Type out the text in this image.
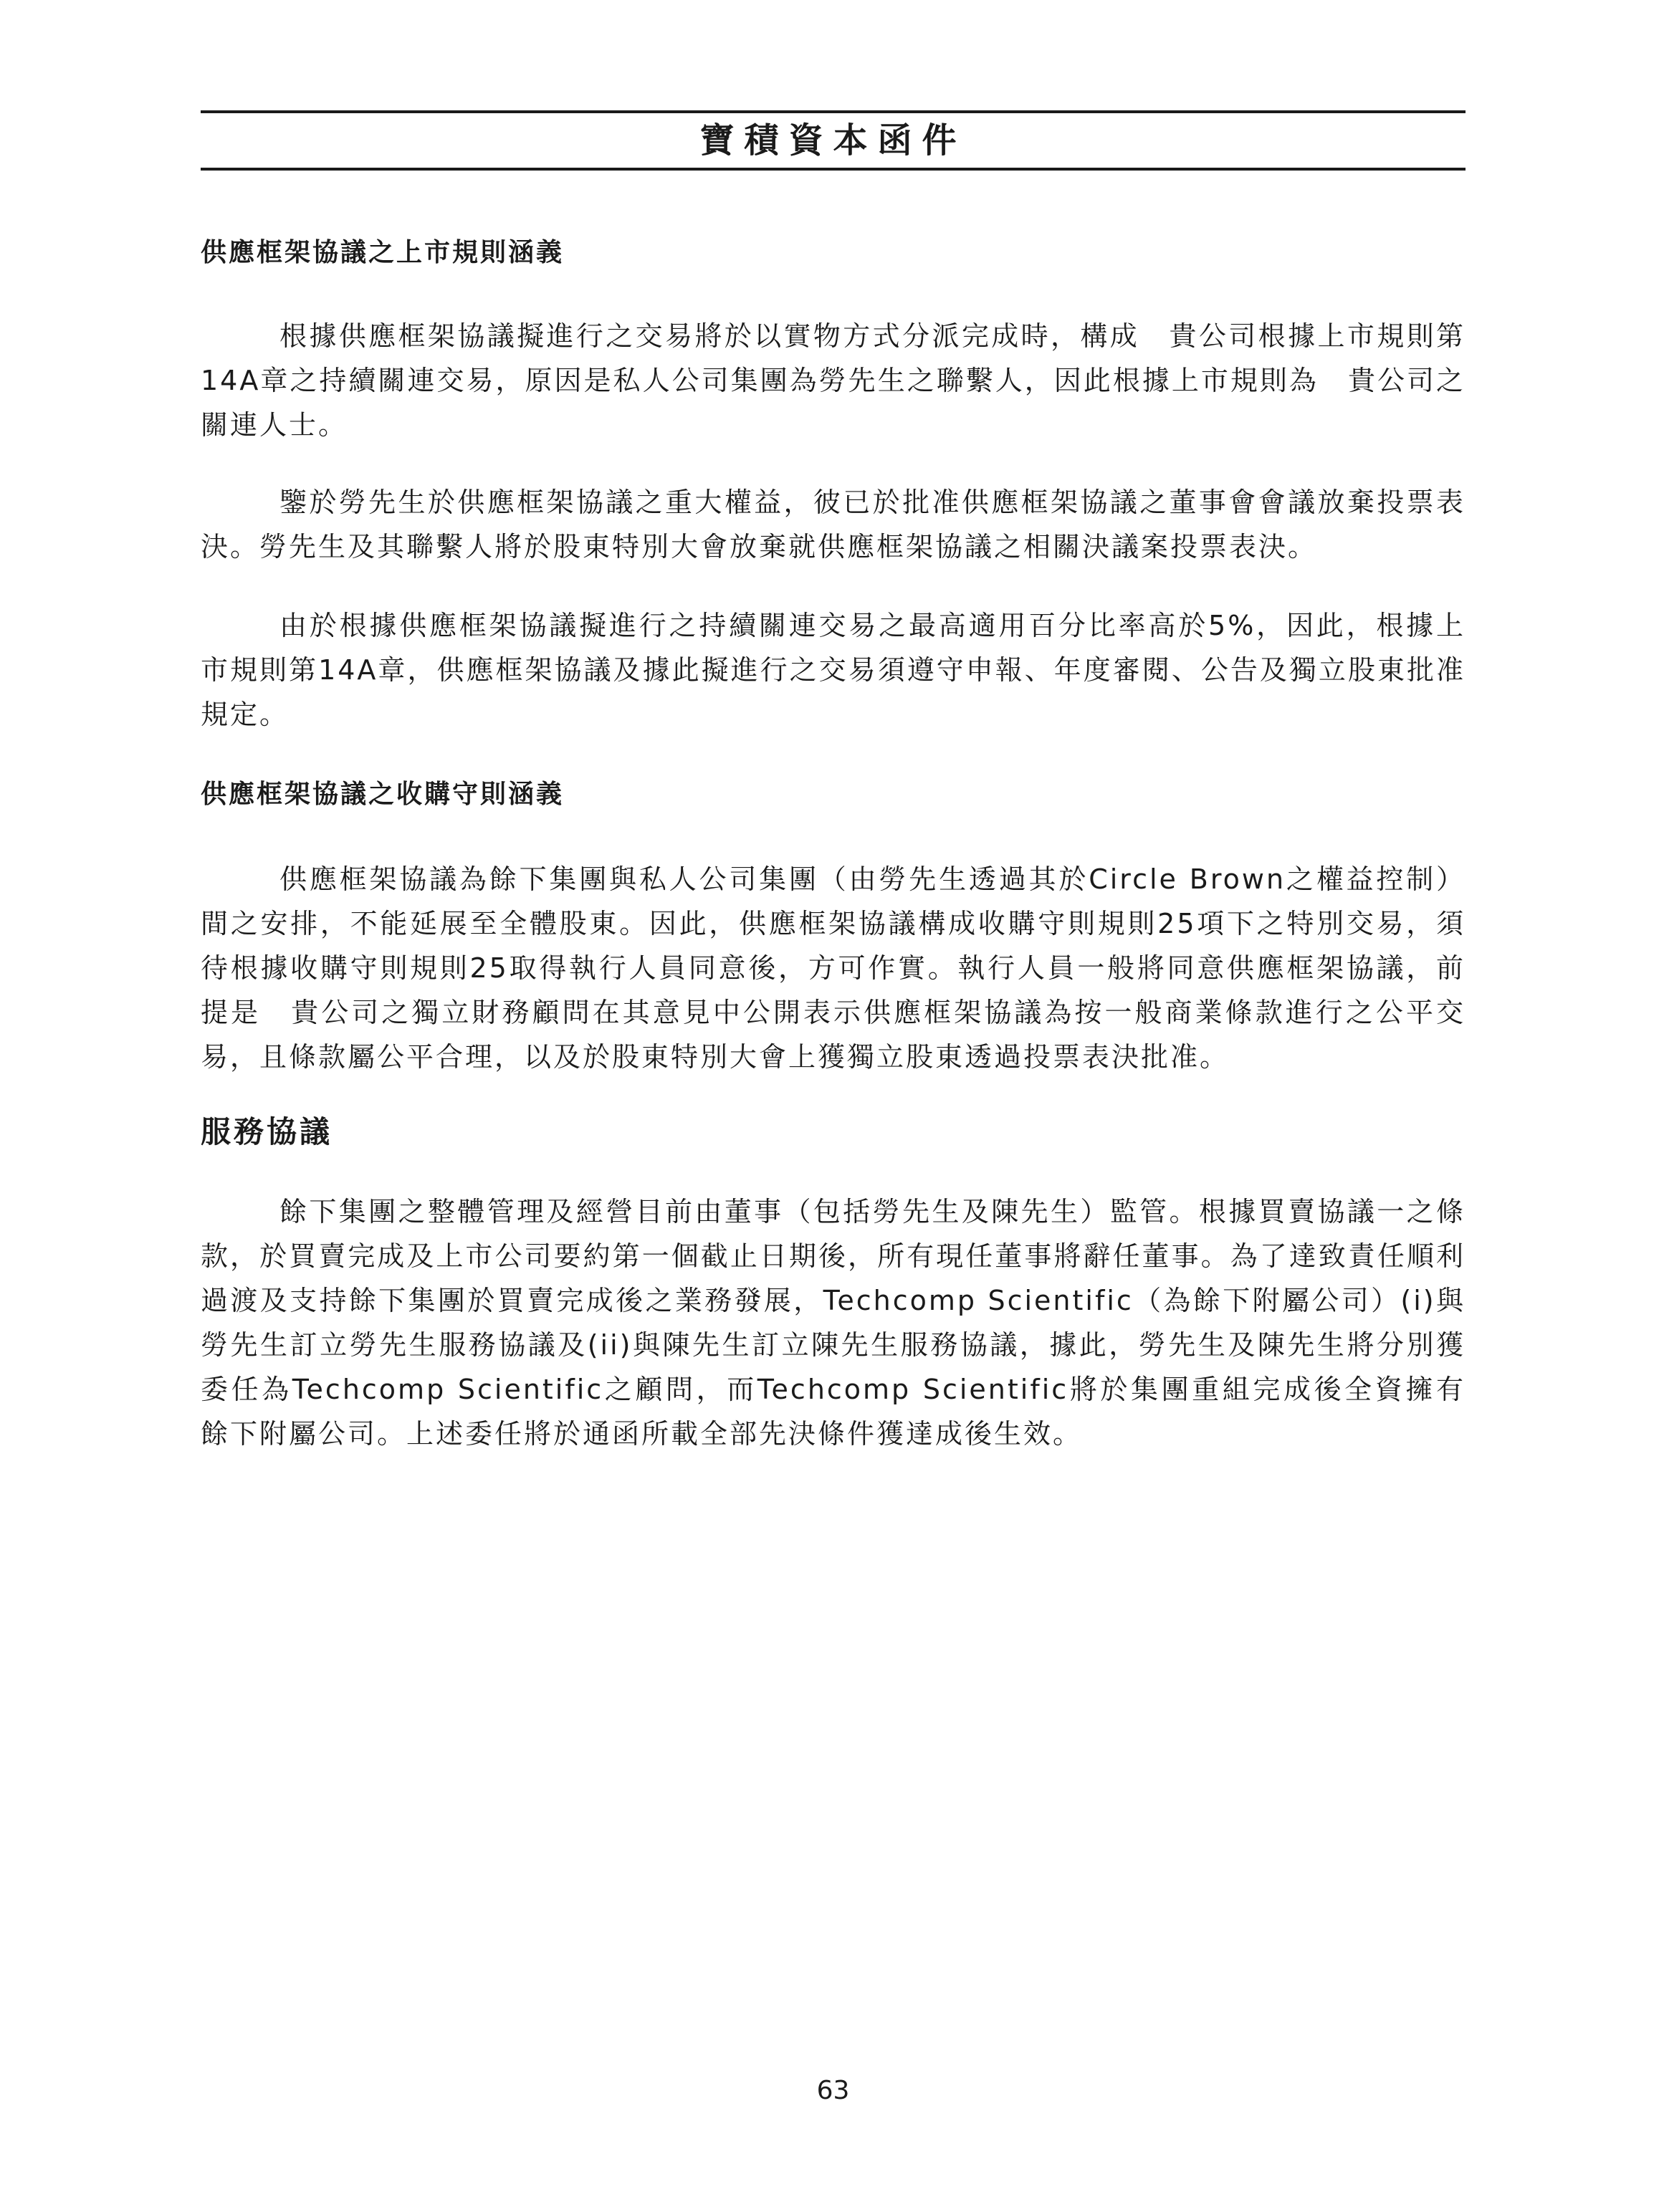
寶積資本函件
供應框架協議之上市規則涵義
根據供應框架協議擬進行之交易將於以實物方式分派完成時，構成　貴公司根據上市規則第14A章之持續關連交易，原因是私人公司集團為勞先生之聯繫人，因此根據上市規則為　貴公司之關連人士。
鑒於勞先生於供應框架協議之重大權益，彼已於批准供應框架協議之董事會會議放棄投票表決。勞先生及其聯繫人將於股東特別大會放棄就供應框架協議之相關決議案投票表決。
由於根據供應框架協議擬進行之持續關連交易之最高適用百分比率高於5%，因此，根據上市規則第14A章，供應框架協議及據此擬進行之交易須遵守申報、年度審閱、公告及獨立股東批准規定。
供應框架協議之收購守則涵義
供應框架協議為餘下集團與私人公司集團（由勞先生透過其於Circle Brown之權益控制）間之安排，不能延展至全體股東。因此，供應框架協議構成收購守則規則25項下之特別交易，須待根據收購守則規則25取得執行人員同意後，方可作實。執行人員一般將同意供應框架協議，前提是　貴公司之獨立財務顧問在其意見中公開表示供應框架協議為按一般商業條款進行之公平交易，且條款屬公平合理，以及於股東特別大會上獲獨立股東透過投票表決批准。
服務協議
餘下集團之整體管理及經營目前由董事（包括勞先生及陳先生）監管。根據買賣協議一之條款，於買賣完成及上市公司要約第一個截止日期後，所有現任董事將辭任董事。為了達致責任順利過渡及支持餘下集團於買賣完成後之業務發展，Techcomp Scientific（為餘下附屬公司）(i)與勞先生訂立勞先生服務協議及(ii)與陳先生訂立陳先生服務協議，據此，勞先生及陳先生將分別獲委任為Techcomp Scientific之顧問，而Techcomp Scientific將於集團重組完成後全資擁有餘下附屬公司。上述委任將於通函所載全部先決條件獲達成後生效。
63
